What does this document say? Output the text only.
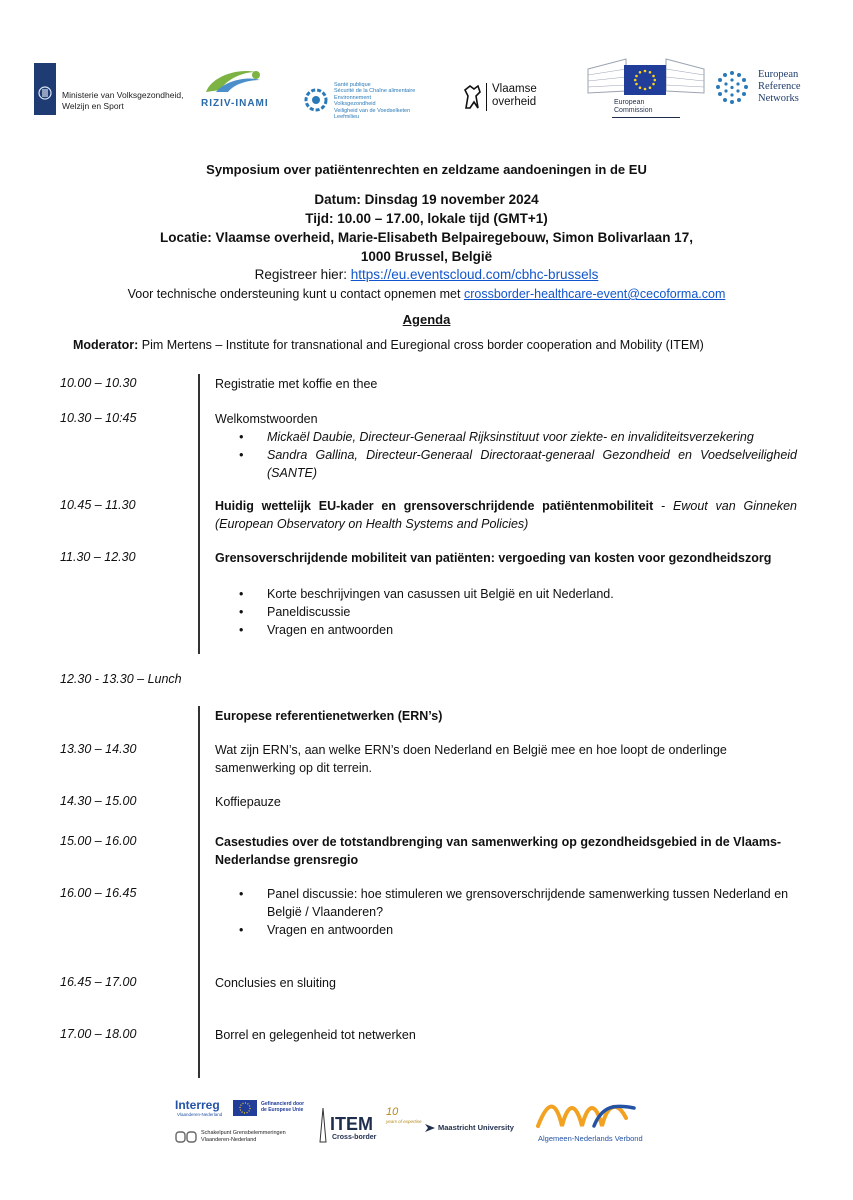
Ministerie van Volksgezondheid,
Welzijn en Sport	RIZIV-INAMI
Santé publique
Sécurité de la Chaîne alimentaire
Environnement
Volksgezondheid
Veiligheid van de Voedselketen
Leefmilieu
Vlaamse
overheid	European
Commission
European
Reference
Networks
Symposium over patiëntenrechten en zeldzame aandoeningen in de EU
Datum: Dinsdag 19 november 2024
Tijd: 10.00 – 17.00, lokale tijd (GMT+1)
Locatie: Vlaamse overheid, Marie-Elisabeth Belpairegebouw, Simon Bolivarlaan 17,
1000 Brussel, België
Registreer hier: https://eu.eventscloud.com/cbhc-brussels
Voor technische ondersteuning kunt u contact opnemen met crossborder-healthcare-event@cecoforma.com
Agenda
Moderator: Pim Mertens – Institute for transnational and Euregional cross border cooperation and Mobility (ITEM)
10.00 – 10.30	Registratie met koffie en thee
10.30 – 10:45	Welkomstwoorden
• Mickaël Daubie, Directeur-Generaal Rijksinstituut voor ziekte- en invaliditeitsverzekering
• Sandra Gallina, Directeur-Generaal Directoraat-generaal Gezondheid en Voedselveiligheid (SANTE)
10.45 – 11.30	Huidig wettelijk EU-kader en grensoverschrijdende patiëntenmobiliteit - Ewout van Ginneken (European Observatory on Health Systems and Policies)
11.30 – 12.30	Grensoverschrijdende mobiliteit van patiënten: vergoeding van kosten voor gezondheidszorg
• Korte beschrijvingen van casussen uit België en uit Nederland.
• Paneldiscussie
• Vragen en antwoorden
12.30 - 13.30 – Lunch
Europese referentienetwerken (ERN’s)
13.30 – 14.30	Wat zijn ERN’s, aan welke ERN’s doen Nederland en België mee en hoe loopt de onderlinge samenwerking op dit terrein.
14.30 – 15.00	Koffiepauze
15.00 – 16.00	Casestudies over de totstandbrenging van samenwerking op gezondheidsgebied in de Vlaams-Nederlandse grensregio
16.00 – 16.45
•	Panel discussie: hoe stimuleren we grensoverschrijdende samenwerking tussen Nederland en België / Vlaanderen?
• Vragen en antwoorden
16.45 – 17.00	Conclusies en sluiting
17.00 – 18.00	Borrel en gelegenheid tot netwerken
Interreg
Vlaanderen-Nederland
Gefinancierd door
de Europese Unie
Schakelpunt Grensbelemmeringen
Vlaanderen-Nederland
ITEM
Cross-border
10
years of expertise
Maastricht University
Algemeen-Nederlands Verbond
